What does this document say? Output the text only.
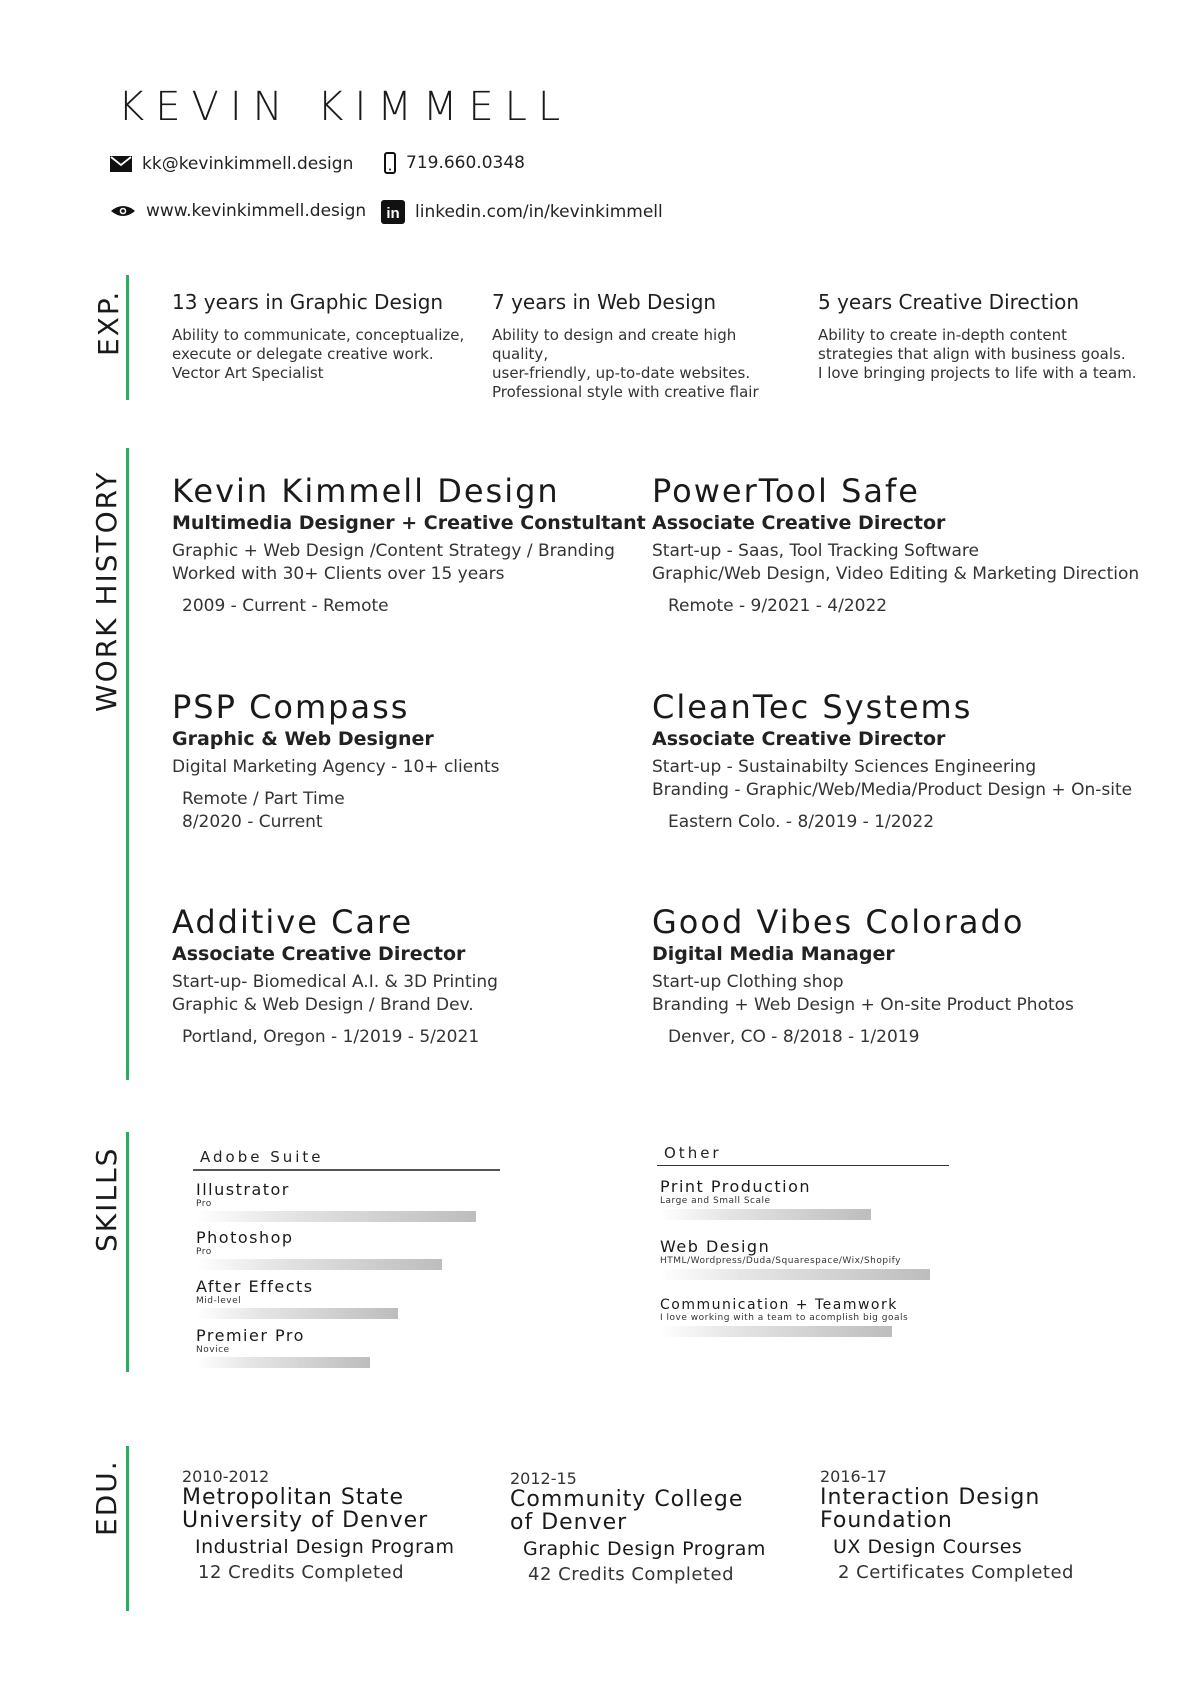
KEVIN KIMMELL
kk@kevinkimmell.design	719.660.0348
www.kevinkimmell.design in linkedin.com/in/kevinkimmell
EXP. 13 years in Graphic Design
Ability to communicate, conceptualize,
execute or delegate creative work.
Vector Art Specialist
7 years in Web Design
Ability to design and create high quality,
user-friendly, up-to-date websites.
Professional style with creative flair
5 years Creative Direction
Ability to create in-depth content
strategies that align with business goals.
I love bringing projects to life with a team.
WORK HISTORY Kevin Kimmell Design
Multimedia Designer + Creative Constultant
Graphic + Web Design /Content Strategy / Branding
Worked with 30+ Clients over 15 years
2009 - Current - Remote
PowerTool Safe
Associate Creative Director
Start-up - Saas, Tool Tracking Software
Graphic/Web Design, Video Editing & Marketing Direction
Remote - 9/2021 - 4/2022
PSP Compass
Graphic & Web Designer
Digital Marketing Agency - 10+ clients
Remote / Part Time
8/2020 - Current
CleanTec Systems
Associate Creative Director
Start-up - Sustainabilty Sciences Engineering
Branding - Graphic/Web/Media/Product Design + On-site
Eastern Colo. - 8/2019 - 1/2022
Additive Care
Associate Creative Director
Start-up- Biomedical A.I. & 3D Printing
Graphic & Web Design / Brand Dev.
Portland, Oregon - 1/2019 - 5/2021
Good Vibes Colorado
Digital Media Manager
Start-up Clothing shop
Branding + Web Design + On-site Product Photos
Denver, CO - 8/2018 - 1/2019
SKILLS	Adobe Suite
Illustrator
Pro
Photoshop
Pro
After Effects
Mid-level
Premier Pro
Novice
Other
Print Production
Large and Small Scale
Web Design
HTML/Wordpress/Duda/Squarespace/Wix/Shopify
Communication + Teamwork
I love working with a team to acomplish big goals
EDU.	2010-2012
Metropolitan State
University of Denver
Industrial Design Program
12 Credits Completed
2012-15
Community College
of Denver
Graphic Design Program
42 Credits Completed
2016-17
Interaction Design
Foundation
UX Design Courses
2 Certificates Completed
